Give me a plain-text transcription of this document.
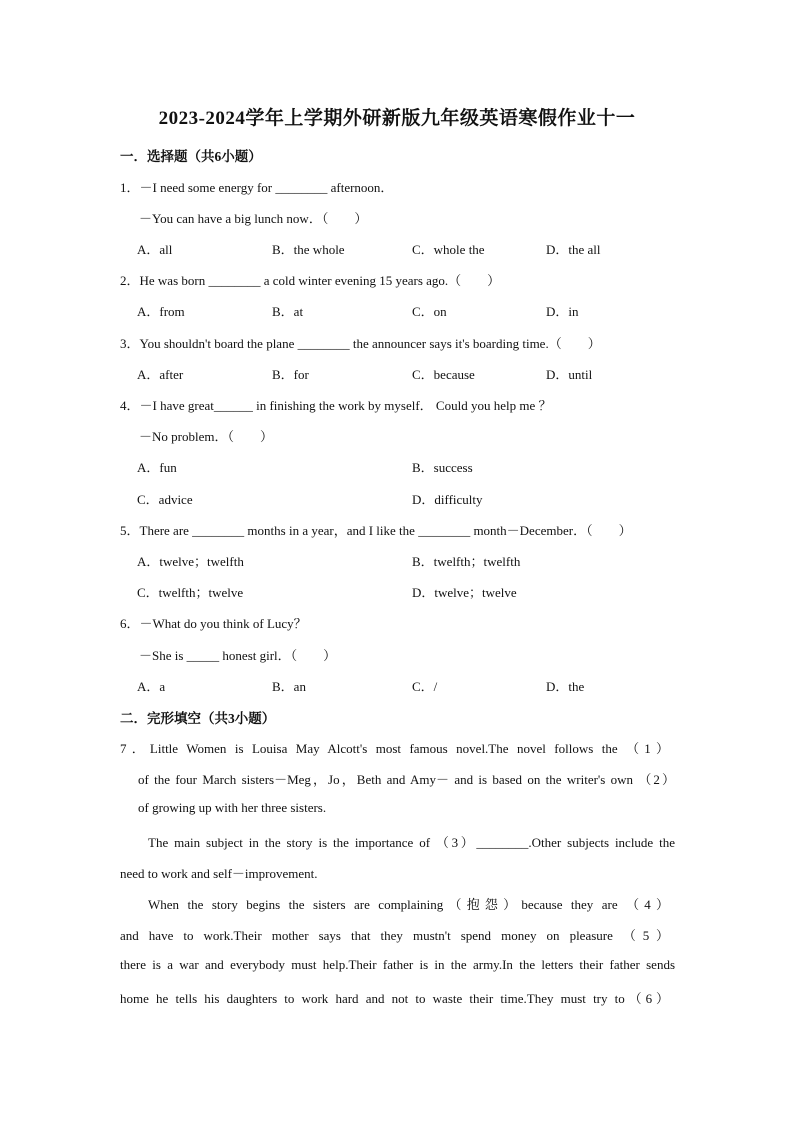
2023-2024学年上学期外研新版九年级英语寒假作业十一
一．选择题（共6小题）
1．－I need some energy for ________ afternoon．
－You can have a big lunch now．（　　）
A．all	B．the whole	C．whole the	D．the all
2．He was born ________ a cold winter evening 15 years ago.（　　）
A．from	B．at	C．on	D．in
3．You shouldn't board the plane ________ the announcer says it's boarding time.（　　）
A．after	B．for	C．because	D．until
4．－I have great______ in finishing the work by myself． Could you help me ？
－No problem．（　　）
A．fun	B．success
C．advice	D．difficulty
5．There are ________ months in a year，and I like the ________ month－December．（　　）
A．twelve；twelfth	B．twelfth；twelfth
C．twelfth；twelve	D．twelve；twelve
6．－What do you think of Lucy？
－She is _____ honest girl．（　　）
A．a	B．an	C．/	D．the
二．完形填空（共3小题）
7．Little Women is Louisa May Alcott's most famous novel.The novel follows the （1）
of the four March sisters－Meg，Jo，Beth and Amy－ and is based on the writer's own （2）
of growing up with her three sisters.
The main subject in the story is the importance of （3）________.Other subjects include the
need to work and self－improvement.
When the story begins the sisters are complaining（抱怨）because they are （4）
and have to work.Their mother says that they mustn't spend money on pleasure （5）
there is a war and everybody must help.Their father is in the army.In the letters their father sends
home he tells his daughters to work hard and not to waste their time.They must try to（6）
